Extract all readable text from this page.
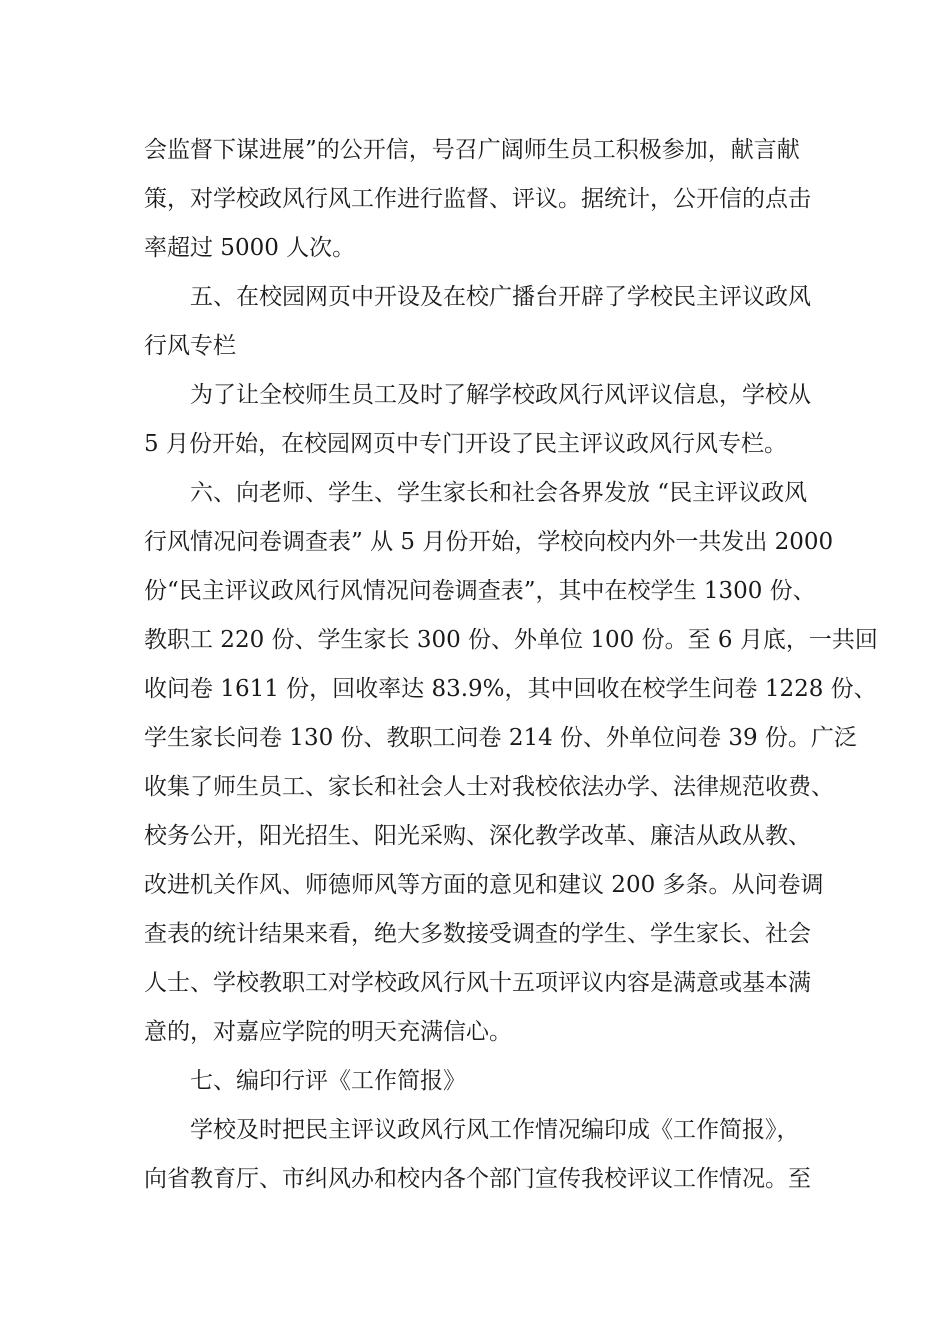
会监督下谋进展”的公开信，号召广阔师生员工积极参加，献言献
策，对学校政风行风工作进行监督、评议。据统计，公开信的点击
率超过 5000 人次。
五、在校园网页中开设及在校广播台开辟了学校民主评议政风
行风专栏
为了让全校师生员工及时了解学校政风行风评议信息，学校从
5 月份开始，在校园网页中专门开设了民主评议政风行风专栏。
六、向老师、学生、学生家长和社会各界发放 “民主评议政风
行风情况问卷调查表” 从 5 月份开始，学校向校内外一共发出 2000
份“民主评议政风行风情况问卷调查表”，其中在校学生 1300 份、
教职工 220 份、学生家长 300 份、外单位 100 份。至 6 月底，一共回
收问卷 1611 份，回收率达 83.9%，其中回收在校学生问卷 1228 份、
学生家长问卷 130 份、教职工问卷 214 份、外单位问卷 39 份。广泛
收集了师生员工、家长和社会人士对我校依法办学、法律规范收费、
校务公开，阳光招生、阳光采购、深化教学改革、廉洁从政从教、
改进机关作风、师德师风等方面的意见和建议 200 多条。从问卷调
查表的统计结果来看，绝大多数接受调查的学生、学生家长、社会
人士、学校教职工对学校政风行风十五项评议内容是满意或基本满
意的，对嘉应学院的明天充满信心。
七、编印行评《工作简报》
学校及时把民主评议政风行风工作情况编印成《工作简报》，
向省教育厅、市纠风办和校内各个部门宣传我校评议工作情况。至
